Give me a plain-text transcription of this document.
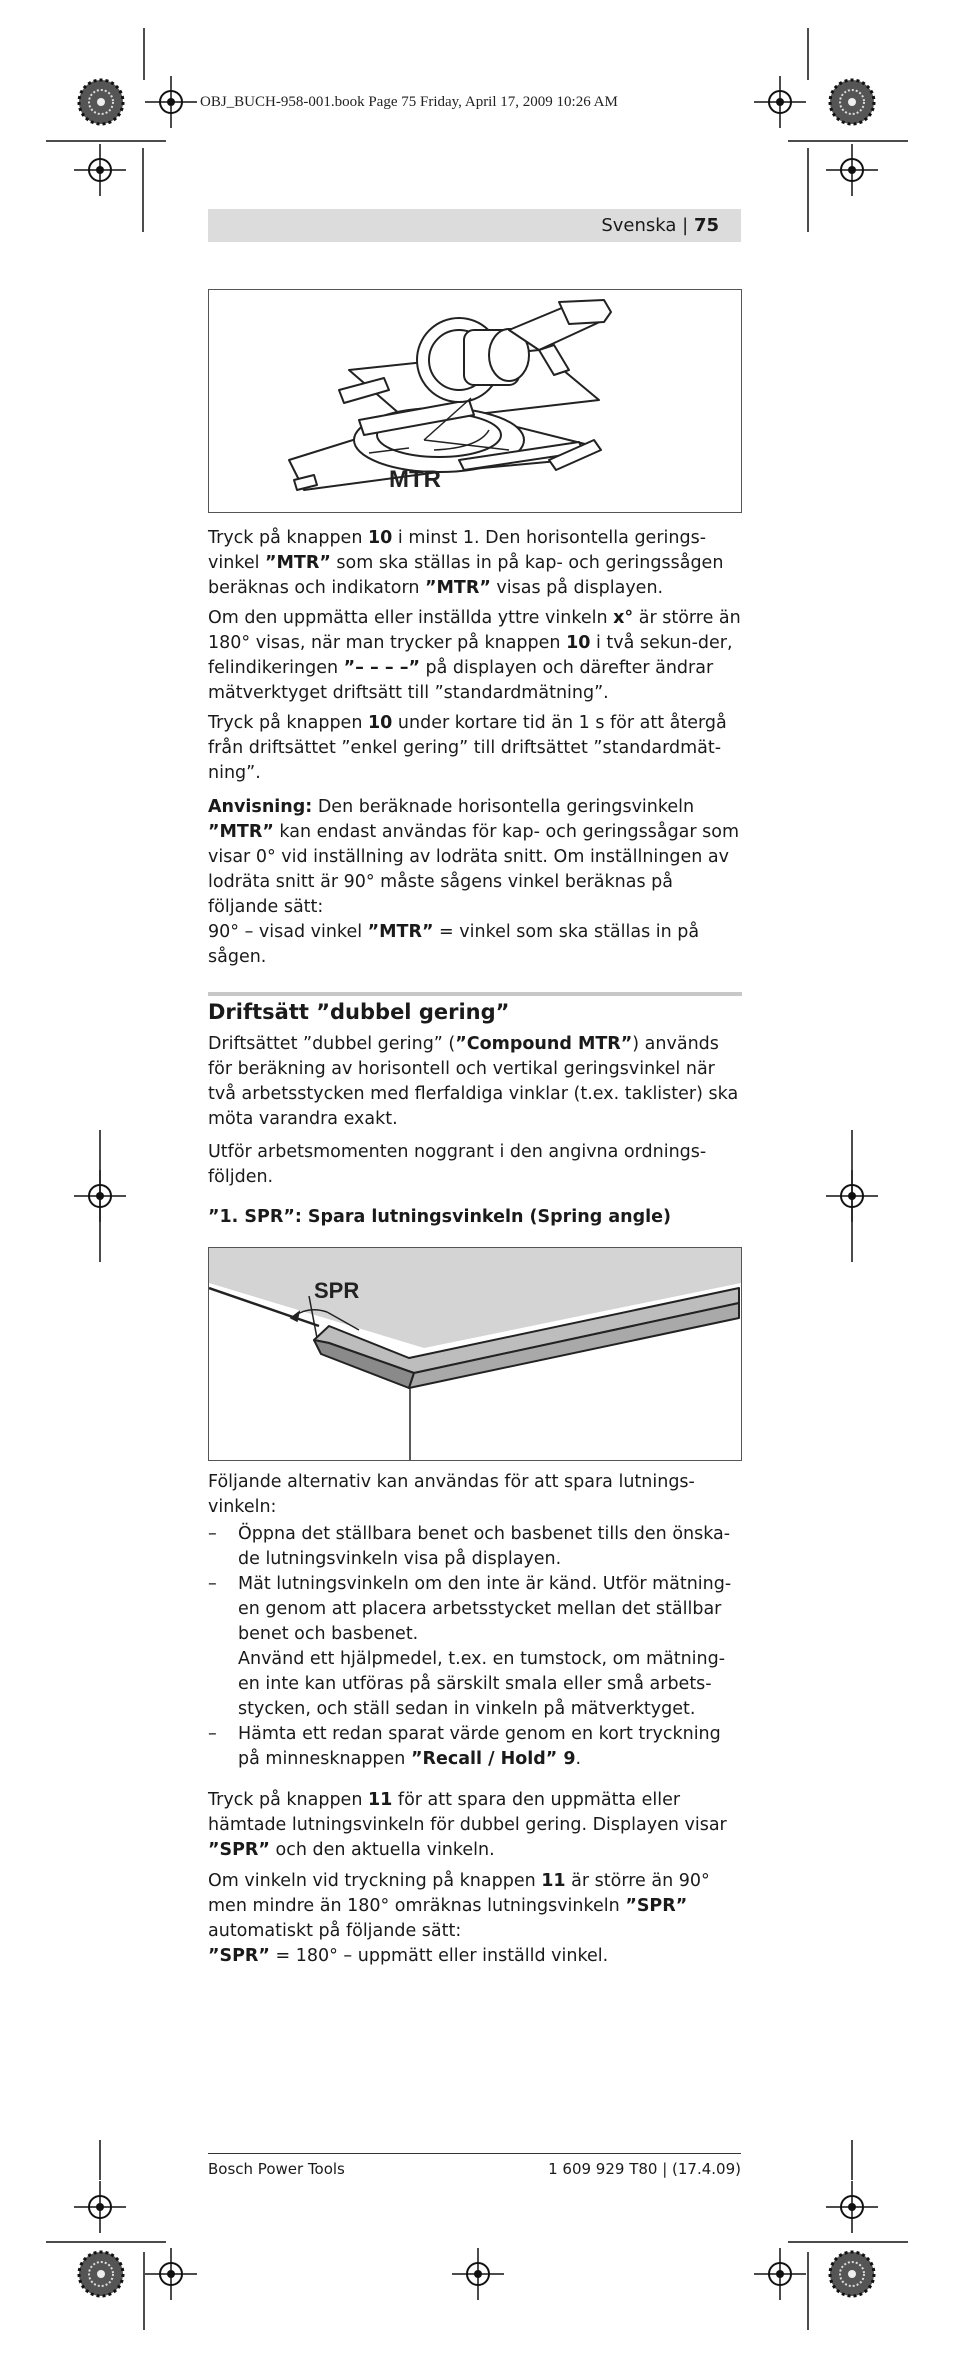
OBJ_BUCH-958-001.book Page 75 Friday, April 17, 2009 10:26 AM
Svenska | 75
MTR

Tryck på knappen 10 i minst 1. Den horisontella gerings-vinkel ”MTR” som ska ställas in på kap- och geringssågen beräknas och indikatorn ”MTR” visas på displayen.

Om den uppmätta eller inställda yttre vinkeln x° är större än 180° visas, när man trycker på knappen 10 i två sekun-der, felindikeringen ”– – – –” på displayen och därefter ändrar mätverktyget driftsätt till ”standardmätning”.

Tryck på knappen 10 under kortare tid än 1 s för att återgå från driftsättet ”enkel gering” till driftsättet ”standardmät-ning”.

Anvisning: Den beräknade horisontella geringsvinkeln ”MTR” kan endast användas för kap- och geringssågar som visar 0° vid inställning av lodräta snitt. Om inställningen av lodräta snitt är 90° måste sågens vinkel beräknas på följande sätt:
90° – visad vinkel ”MTR” = vinkel som ska ställas in på sågen.

Driftsätt ”dubbel gering”

Driftsättet ”dubbel gering” (”Compound MTR”) används för beräkning av horisontell och vertikal geringsvinkel när två arbetsstycken med flerfaldiga vinklar (t.ex. taklister) ska möta varandra exakt.

Utför arbetsmomenten noggrant i den angivna ordnings-följden.

”1. SPR”: Spara lutningsvinkeln (Spring angle)
SPR

Följande alternativ kan användas för att spara lutnings-vinkeln:

– Öppna det ställbara benet och basbenet tills den önska-de lutningsvinkeln visa på displayen.
– Mät lutningsvinkeln om den inte är känd. Utför mätning-en genom att placera arbetsstycket mellan det ställbar benet och basbenet.
Använd ett hjälpmedel, t.ex. en tumstock, om mätning-en inte kan utföras på särskilt smala eller små arbets-stycken, och ställ sedan in vinkeln på mätverktyget.
– Hämta ett redan sparat värde genom en kort tryckning på minnesknappen ”Recall / Hold” 9.

Tryck på knappen 11 för att spara den uppmätta eller hämtade lutningsvinkeln för dubbel gering. Displayen visar ”SPR” och den aktuella vinkeln.

Om vinkeln vid tryckning på knappen 11 är större än 90° men mindre än 180° omräknas lutningsvinkeln ”SPR” automatiskt på följande sätt:
”SPR” = 180° – uppmätt eller inställd vinkel.

Bosch Power Tools	1 609 929 T80 | (17.4.09)
